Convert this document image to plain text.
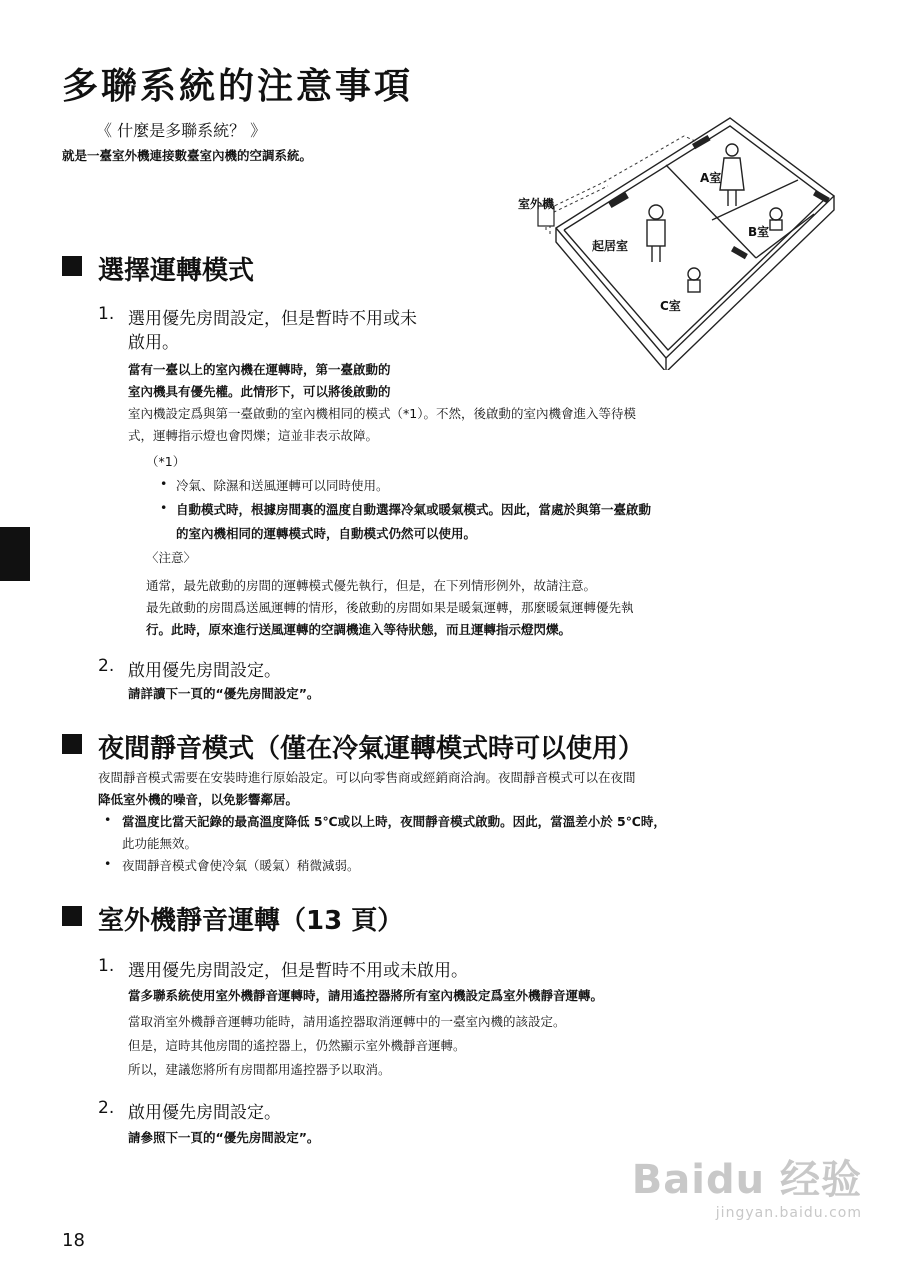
多聯系統的注意事項
《 什麼是多聯系統？ 》
就是一臺室外機連接數臺室內機的空調系統。
室外機
起居室
A室
B室
C室
選擇運轉模式
1. 選用優先房間設定，但是暫時不用或未
啟用。
當有一臺以上的室內機在運轉時，第一臺啟動的
室內機具有優先權。此情形下，可以將後啟動的
室內機設定爲與第一臺啟動的室內機相同的模式（*1）。不然，後啟動的室內機會進入等待模
式，運轉指示燈也會閃爍；這並非表示故障。
（*1）
• 冷氣、除濕和送風運轉可以同時使用。
• 自動模式時，根據房間裏的溫度自動選擇冷氣或暖氣模式。因此，當處於與第一臺啟動
的室內機相同的運轉模式時，自動模式仍然可以使用。
〈注意〉
通常，最先啟動的房間的運轉模式優先執行，但是，在下列情形例外，故請注意。
最先啟動的房間爲送風運轉的情形，後啟動的房間如果是暖氣運轉，那麼暖氣運轉優先執
行。此時，原來進行送風運轉的空調機進入等待狀態，而且運轉指示燈閃爍。
2. 啟用優先房間設定。
請詳讀下一頁的“優先房間設定”。
夜間靜音模式（僅在冷氣運轉模式時可以使用）
夜間靜音模式需要在安裝時進行原始設定。可以向零售商或經銷商洽詢。夜間靜音模式可以在夜間
降低室外機的噪音，以免影響鄰居。
• 當溫度比當天記錄的最高溫度降低 5℃或以上時，夜間靜音模式啟動。因此，當溫差小於 5℃時，
此功能無效。
• 夜間靜音模式會使冷氣（暖氣）稍微減弱。
室外機靜音運轉（13 頁）
1. 選用優先房間設定，但是暫時不用或未啟用。
當多聯系統使用室外機靜音運轉時，請用遙控器將所有室內機設定爲室外機靜音運轉。
當取消室外機靜音運轉功能時，請用遙控器取消運轉中的一臺室內機的該設定。
但是，這時其他房間的遙控器上，仍然顯示室外機靜音運轉。
所以，建議您將所有房間都用遙控器予以取消。
2. 啟用優先房間設定。
請參照下一頁的“優先房間設定”。
18
Baidu 经验
jingyan.baidu.com
